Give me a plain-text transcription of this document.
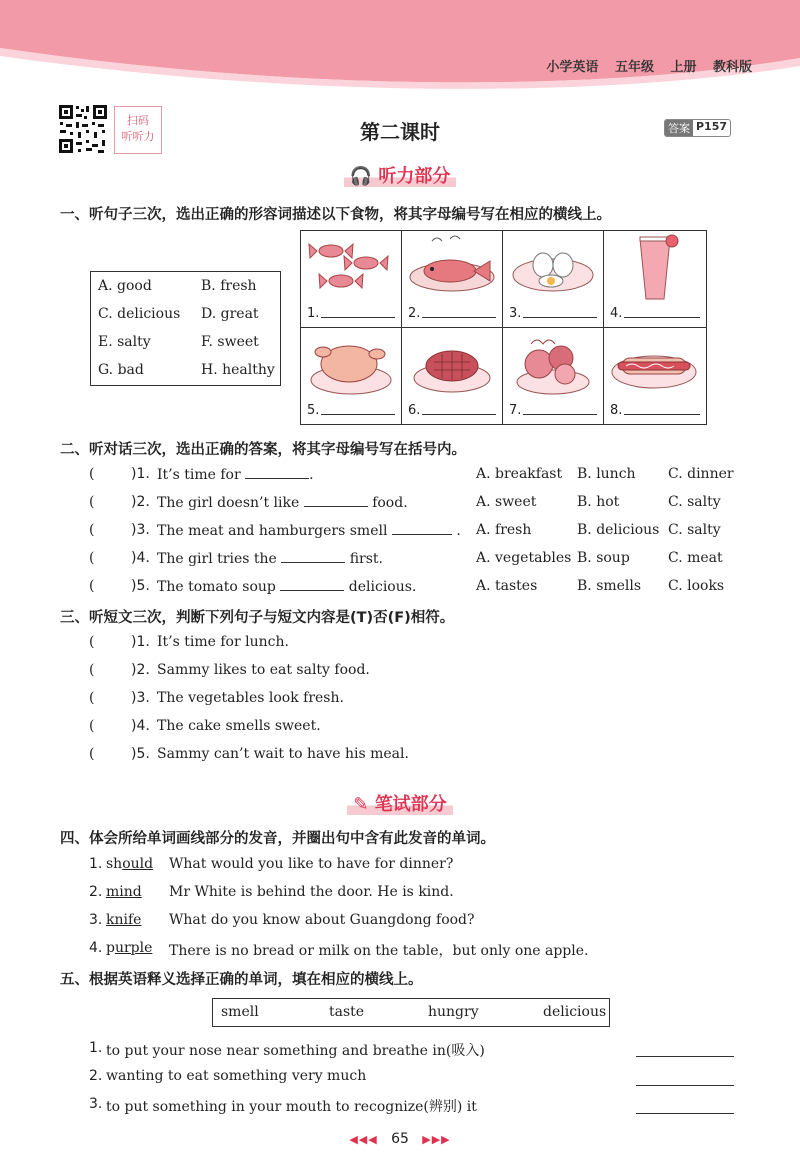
小学英语 五年级 上册 教科版
扫码
听听力	第二课时	答案 P157
🎧 听力部分
一、听句子三次，选出正确的形容词描述以下食物，将其字母编号写在相应的横线上。
A. good	B. fresh
C. delicious D. great
E. salty	F. sweet
G. bad	H. healthy
1.	2.	3.	4.
5.	6.	7.	8.
二、听对话三次，选出正确的答案，将其字母编号写在括号内。
(	)1. It’s time for	.	A. breakfast B. lunch C. dinner
(	)2. The girl doesn’t like	food.	A. sweet	B. hot	C. salty
(	)3. The meat and hamburgers smell	. A. fresh	B. delicious C. salty
(	)4. The girl tries the	first.	A. vegetables B. soup	C. meat
(	)5. The tomato soup	delicious.	A. tastes	B. smells C. looks
三、听短文三次，判断下列句子与短文内容是(T)否(F)相符。
(	)1. It’s time for lunch.
(	)2. Sammy likes to eat salty food.
(	)3. The vegetables look fresh.
(	)4. The cake smells sweet.
(	)5. Sammy can’t wait to have his meal.
✎ 笔试部分
四、体会所给单词画线部分的发音，并圈出句中含有此发音的单词。
1. should What would you like to have for dinner?
2. mind Mr White is behind the door. He is kind.
3. knife What do you know about Guangdong food?
4. purple There is no bread or milk on the table，but only one apple.
五、根据英语释义选择正确的单词，填在相应的横线上。
smell	taste	hungry	delicious
1. to put your nose near something and breathe in(吸入)
2. wanting to eat something very much
3. to put something in your mouth to recognize(辨别) it
◀◀◀ 65 ▶▶▶
